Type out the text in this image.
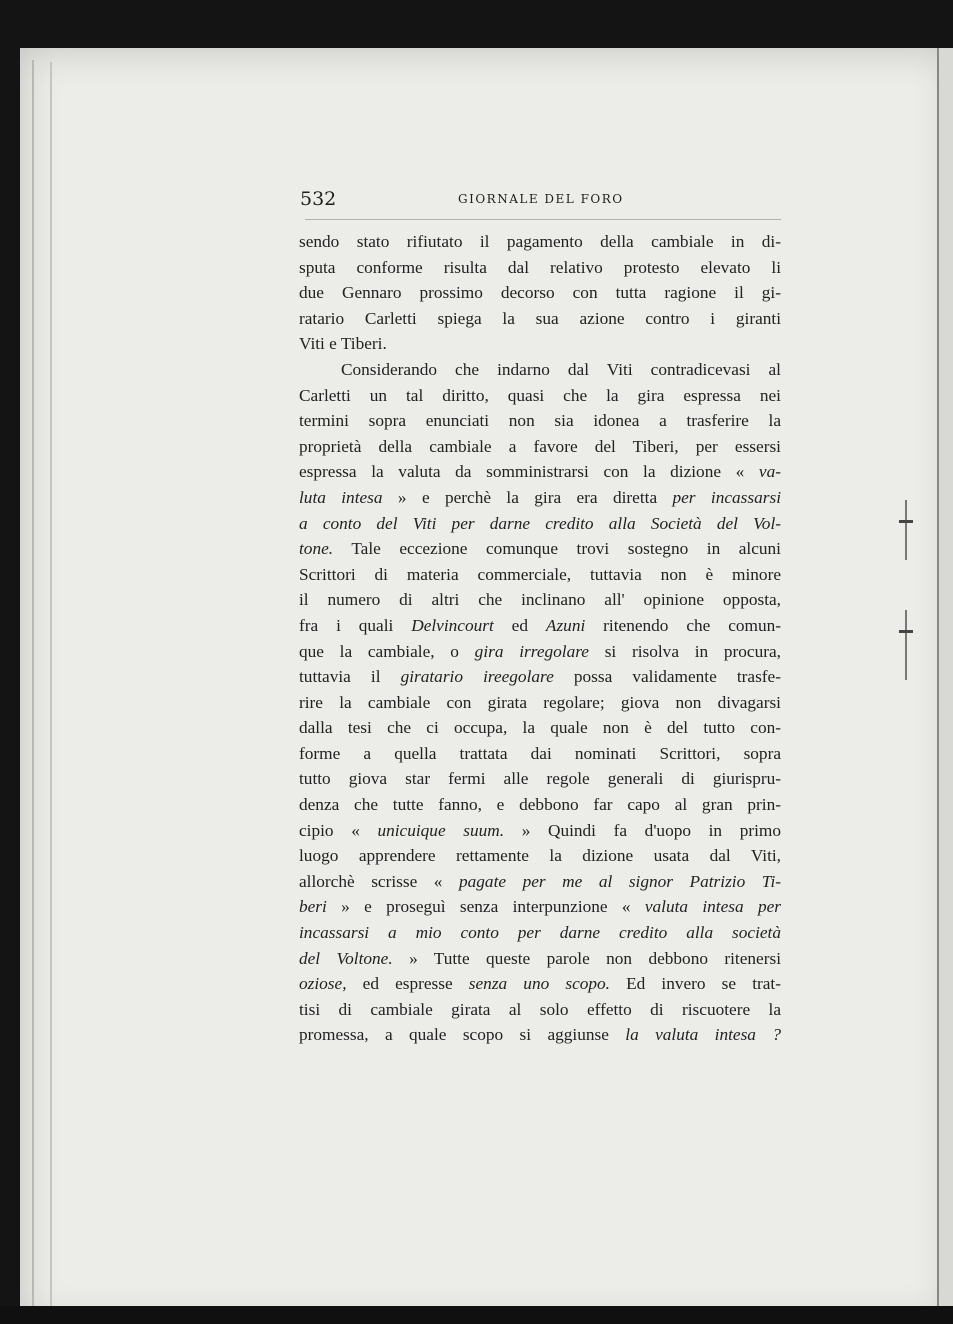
532	GIORNALE DEL FORO
sendo stato rifiutato il pagamento della cambiale in di-
sputa conforme risulta dal relativo protesto elevato li
due Gennaro prossimo decorso con tutta ragione il gi-
ratario Carletti spiega la sua azione contro i giranti
Viti e Tiberi.
Considerando che indarno dal Viti contradicevasi al
Carletti un tal diritto, quasi che la gira espressa nei
termini sopra enunciati non sia idonea a trasferire la
proprietà della cambiale a favore del Tiberi, per essersi
espressa la valuta da somministrarsi con la dizione « va-
luta intesa » e perchè la gira era diretta per incassarsi
a conto del Viti per darne credito alla Società del Vol-
tone. Tale eccezione comunque trovi sostegno in alcuni
Scrittori di materia commerciale, tuttavia non è minore
il numero di altri che inclinano all' opinione opposta,
fra i quali Delvincourt ed Azuni ritenendo che comun-
que la cambiale, o gira irregolare si risolva in procura,
tuttavia il giratario ireegolare possa validamente trasfe-
rire la cambiale con girata regolare; giova non divagarsi
dalla tesi che ci occupa, la quale non è del tutto con-
forme a quella trattata dai nominati Scrittori, sopra
tutto giova star fermi alle regole generali di giurispru-
denza che tutte fanno, e debbono far capo al gran prin-
cipio « unicuique suum. » Quindi fa d'uopo in primo
luogo apprendere rettamente la dizione usata dal Viti,
allorchè scrisse « pagate per me al signor Patrizio Ti-
beri » e proseguì senza interpunzione « valuta intesa per
incassarsi a mio conto per darne credito alla società
del Voltone. » Tutte queste parole non debbono ritenersi
oziose, ed espresse senza uno scopo. Ed invero se trat-
tisi di cambiale girata al solo effetto di riscuotere la
promessa, a quale scopo si aggiunse la valuta intesa ?
